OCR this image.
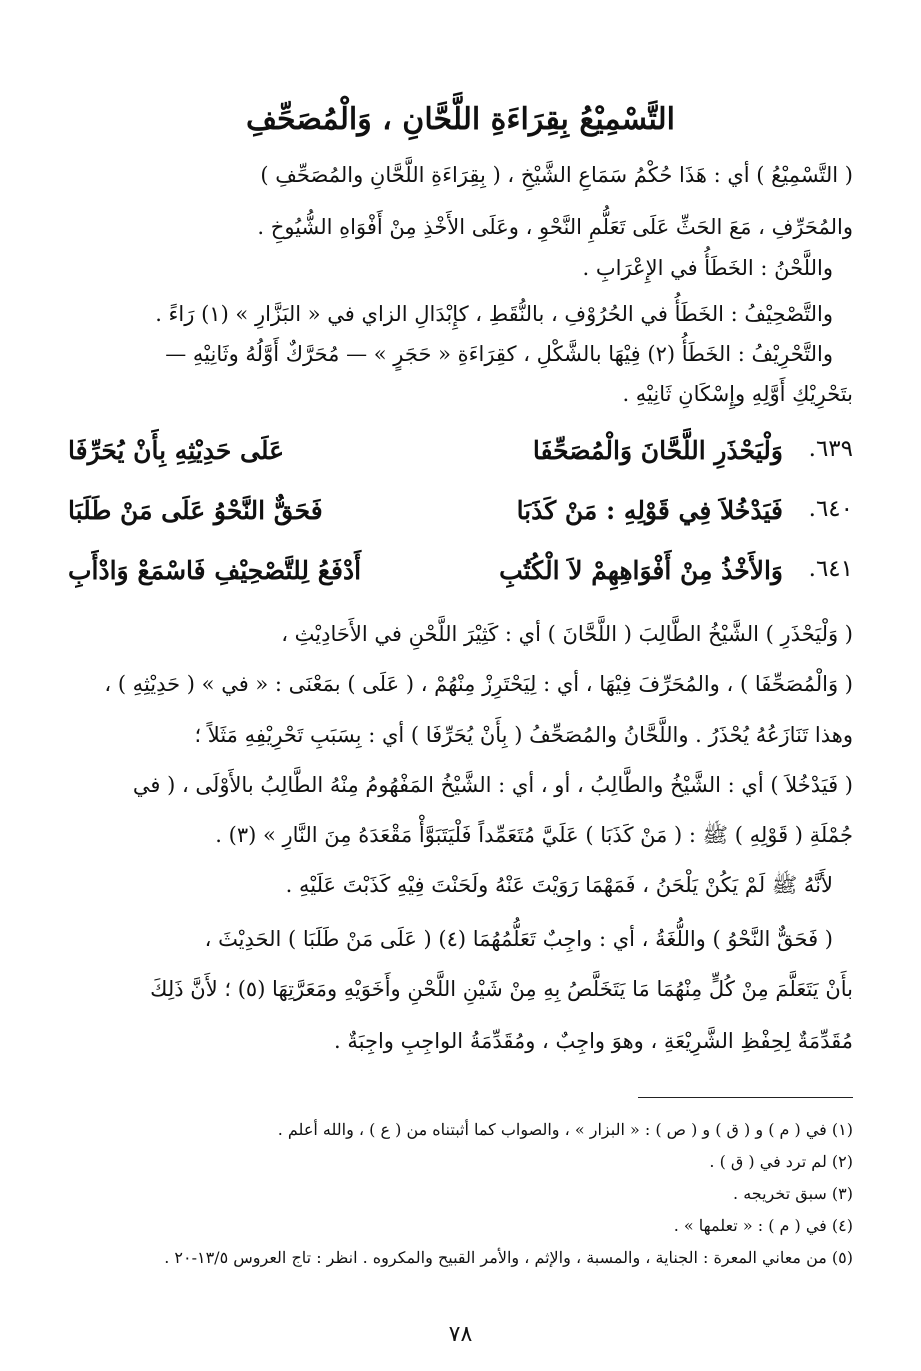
التَّسْمِيْعُ بِقِرَاءَةِ اللَّحَّانِ ، وَالْمُصَحِّفِ
( التَّسْمِيْعُ ) أي : هَذَا حُكْمُ سَمَاعِ الشَّيْخِ ، ( بِقِرَاءَةِ اللَّحَّانِ والمُصَحِّفِ )
والمُحَرِّفِ ، مَعَ الحَثِّ عَلَى تَعَلُّمِ النَّحْوِ ، وعَلَى الأَخْذِ مِنْ أَفْوَاهِ الشُّيُوخِ .
واللَّحْنُ : الخَطَأُ في الإِعْرَابِ .
والتَّصْحِيْفُ : الخَطَأُ في الحُرُوْفِ ، بالنُّقَطِ ، كإِبْدَالِ الزاي في « البَزَّارِ » (١) رَاءً .
والتَّحْرِيْفُ : الخَطَأُ (٢) فِيْهَا بالشَّكْلِ ، كقِرَاءَةِ « حَجَرٍ » — مُحَرَّكٌ أَوَّلُهُ وثَانِيْهِ —
بتَحْرِيْكِ أَوَّلِهِ وإِسْكَانِ ثَانِيْهِ .
٦٣٩.
وَلْيَحْذَرِ اللَّحَّانَ وَالْمُصَحِّفَا
عَلَى حَدِيْثِهِ بِأَنْ يُحَرِّفَا
٦٤٠.
فَيَدْخُلاَ فِي قَوْلِهِ : مَنْ كَذَبَا
فَحَقٌّ النَّحْوُ عَلَى مَنْ طَلَبَا
٦٤١.
وَالأَخْذُ مِنْ أَفْوَاهِهِمْ لاَ الْكُتُبِ
أَدْفَعُ لِلتَّصْحِيْفِ فَاسْمَعْ وَادْأَبِ
( وَلْيَحْذَرِ ) الشَّيْخُ الطَّالِبَ ( اللَّحَّانَ ) أي : كَثِيْرَ اللَّحْنِ في الأَحَادِيْثِ ،
( وَالْمُصَحِّفَا ) ، والمُحَرِّفَ فِيْهَا ، أي : لِيَحْتَرِزْ مِنْهُمْ ، ( عَلَى ) بمَعْنَى : « في » ( حَدِيْثِهِ ) ،
وهذا تَنَازَعُهُ يُحْذَرُ . واللَّحَّانُ والمُصَحِّفُ ( بِأَنْ يُحَرِّفَا ) أي : بِسَبَبِ تَحْرِيْفِهِ مَثَلاً ؛
( فَيَدْخُلاَ ) أي : الشَّيْخُ والطَّالِبُ ، أو ، أي : الشَّيْخُ المَفْهُومُ مِنْهُ الطَّالِبُ بالأَوْلَى ، ( في
جُمْلَةِ ( قَوْلِهِ ) ﷺ : ( مَنْ كَذَبَا ) عَلَيَّ مُتَعَمِّداً فَلْيَتَبَوَّأْ مَقْعَدَهُ مِنَ النَّارِ » (٣) .
لأَنَّهُ ﷺ لَمْ يَكُنْ يَلْحَنُ ، فَمَهْمَا رَوَيْتَ عَنْهُ ولَحَنْتَ فِيْهِ كَذَبْتَ عَلَيْهِ .
( فَحَقٌّ النَّحْوُ ) واللُّغَةُ ، أي : واجِبٌ تَعَلُّمُهُمَا (٤) ( عَلَى مَنْ طَلَبَا ) الحَدِيْثَ ،
بأَنْ يَتَعَلَّمَ مِنْ كُلٍّ مِنْهُمَا مَا يَتَخَلَّصُ بِهِ مِنْ شَيْنِ اللَّحْنِ وأَخَوَيْهِ ومَعَرَّتِهَا (٥) ؛ لأَنَّ ذَلِكَ
مُقَدِّمَةٌ لِحِفْظِ الشَّرِيْعَةِ ، وهوَ واجِبٌ ، ومُقَدِّمَةُ الواجِبِ واجِبَةٌ .
(١) في ( م ) و ( ق ) و ( ص ) : « البزار » ، والصواب كما أثبتناه من ( ع ) ، والله أعلم .
(٢) لم ترد في ( ق ) .
(٣) سبق تخريجه .
(٤) في ( م ) : « تعلمها » .
(٥) من معاني المعرة : الجناية ، والمسبة ، والإثم ، والأمر القبيح والمكروه . انظر : تاج العروس ١٣/٥-٢٠ .
٧٨
